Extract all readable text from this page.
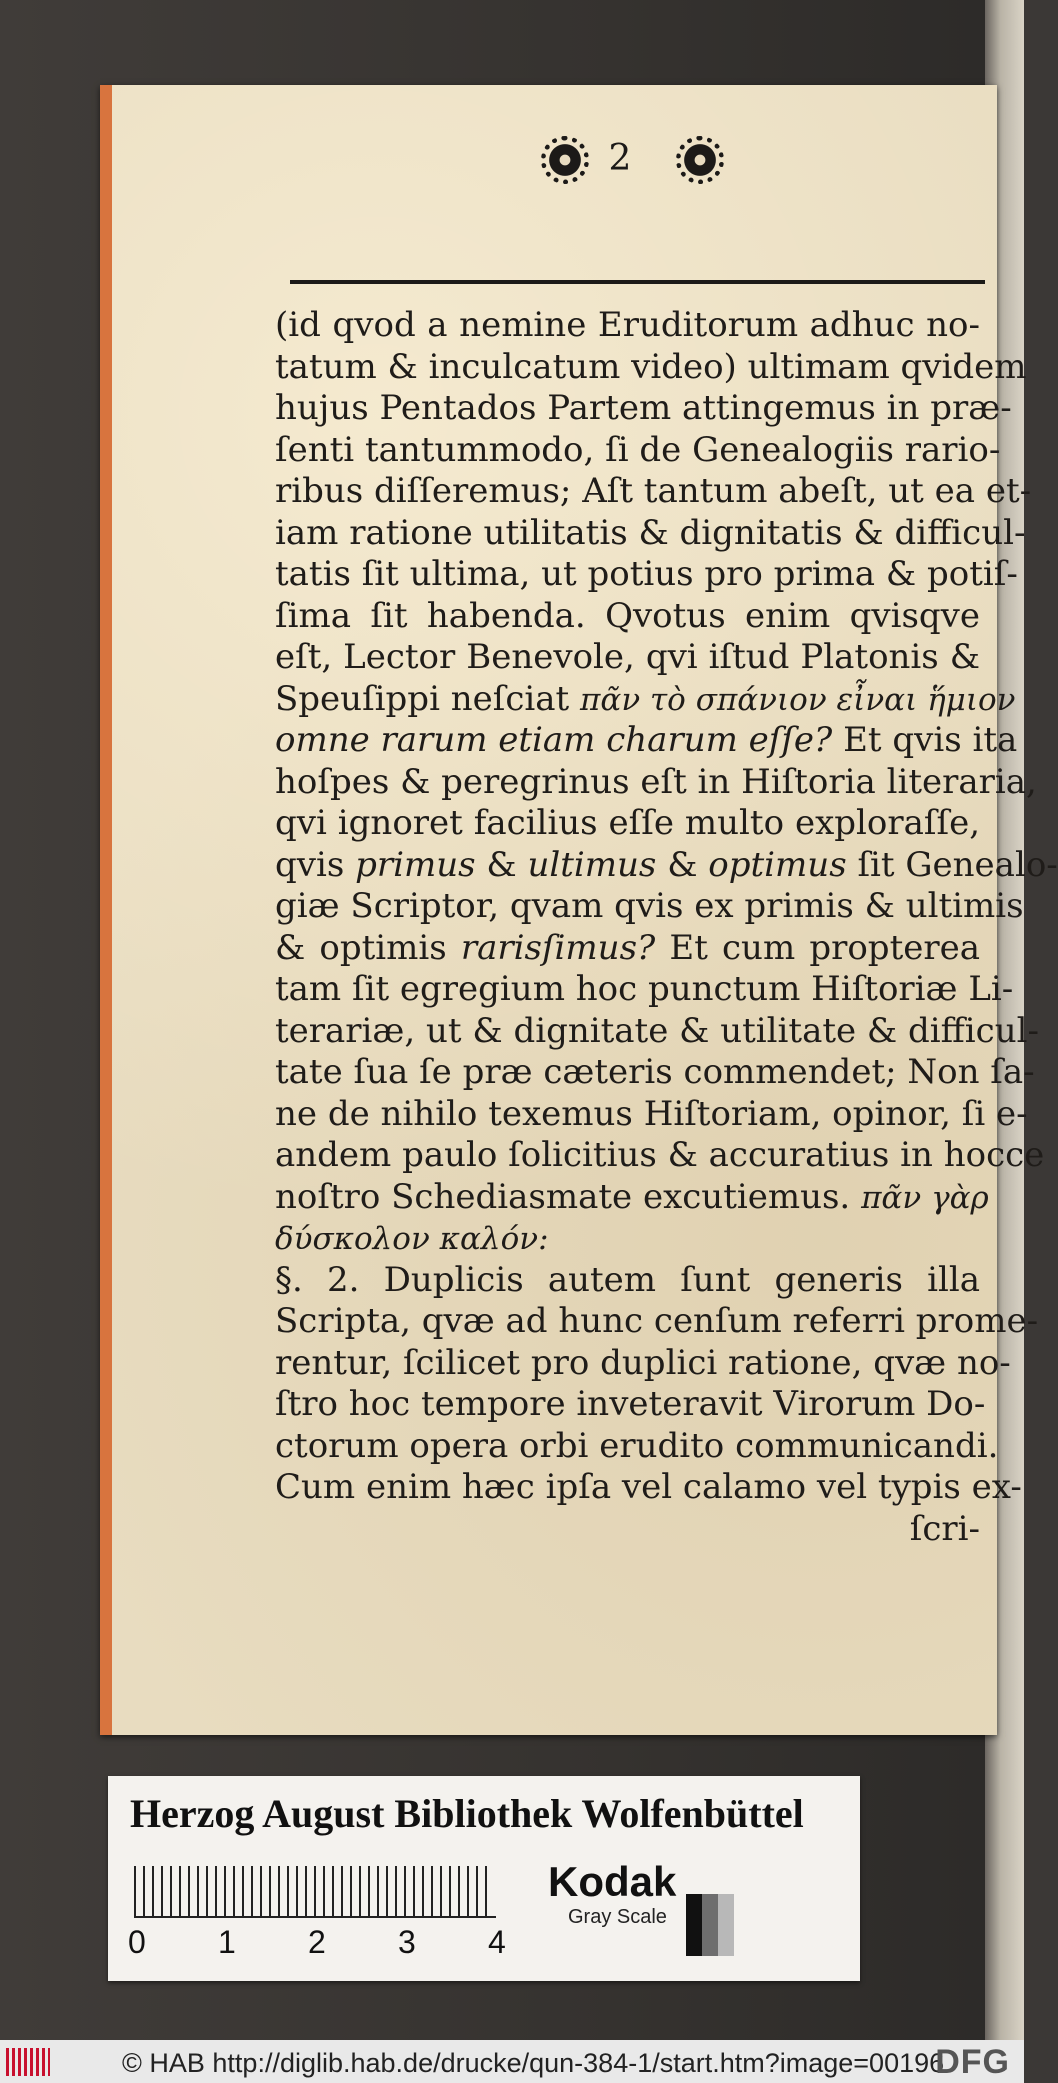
2
(id qvod a nemine Eruditorum adhuc no-
tatum & inculcatum video) ultimam qvidem
hujus Pentados Partem attingemus in præ-
ſenti tantummodo, ſi de Genealogiis rario-
ribus diſſeremus; Aſt tantum abeſt, ut ea et-
iam ratione utilitatis & dignitatis & difficul-
tatis ſit ultima, ut potius pro prima & potiſ-
ſima ſit habenda. Qvotus enim qvisqve
eſt, Lector Benevole, qvi iſtud Platonis &
Speuſippi neſciat πᾶν τὸ σπάνιον εἶναι ἥμιον
omne rarum etiam charum eſſe? Et qvis ita
hoſpes & peregrinus eſt in Hiſtoria literaria,
qvi ignoret facilius eſſe multo exploraſſe,
qvis primus & ultimus & optimus ſit Genealo-
giæ Scriptor, qvam qvis ex primis & ultimis
& optimis rarisſimus? Et cum propterea
tam ſit egregium hoc punctum Hiſtoriæ Li-
terariæ, ut & dignitate & utilitate & difficul-
tate ſua ſe præ cæteris commendet; Non ſa-
ne de nihilo texemus Hiſtoriam, opinor, ſi e-
andem paulo ſolicitius & accuratius in hocce
noſtro Schediasmate excutiemus. πᾶν γὰρ
δύσκολον καλόν:
§. 2. Duplicis autem ſunt generis illa
Scripta, qvæ ad hunc cenſum referri prome-
rentur, ſcilicet pro duplici ratione, qvæ no-
ſtro hoc tempore inveteravit Virorum Do-
ctorum opera orbi erudito communicandi.
Cum enim hæc ipſa vel calamo vel typis ex-
ſcri-
Herzog August Bibliothek Wolfenbüttel
0 1 2 3 4
Kodak
Gray Scale
© HAB http://diglib.hab.de/drucke/qun-384-1/start.htm?image=00196
DFG
